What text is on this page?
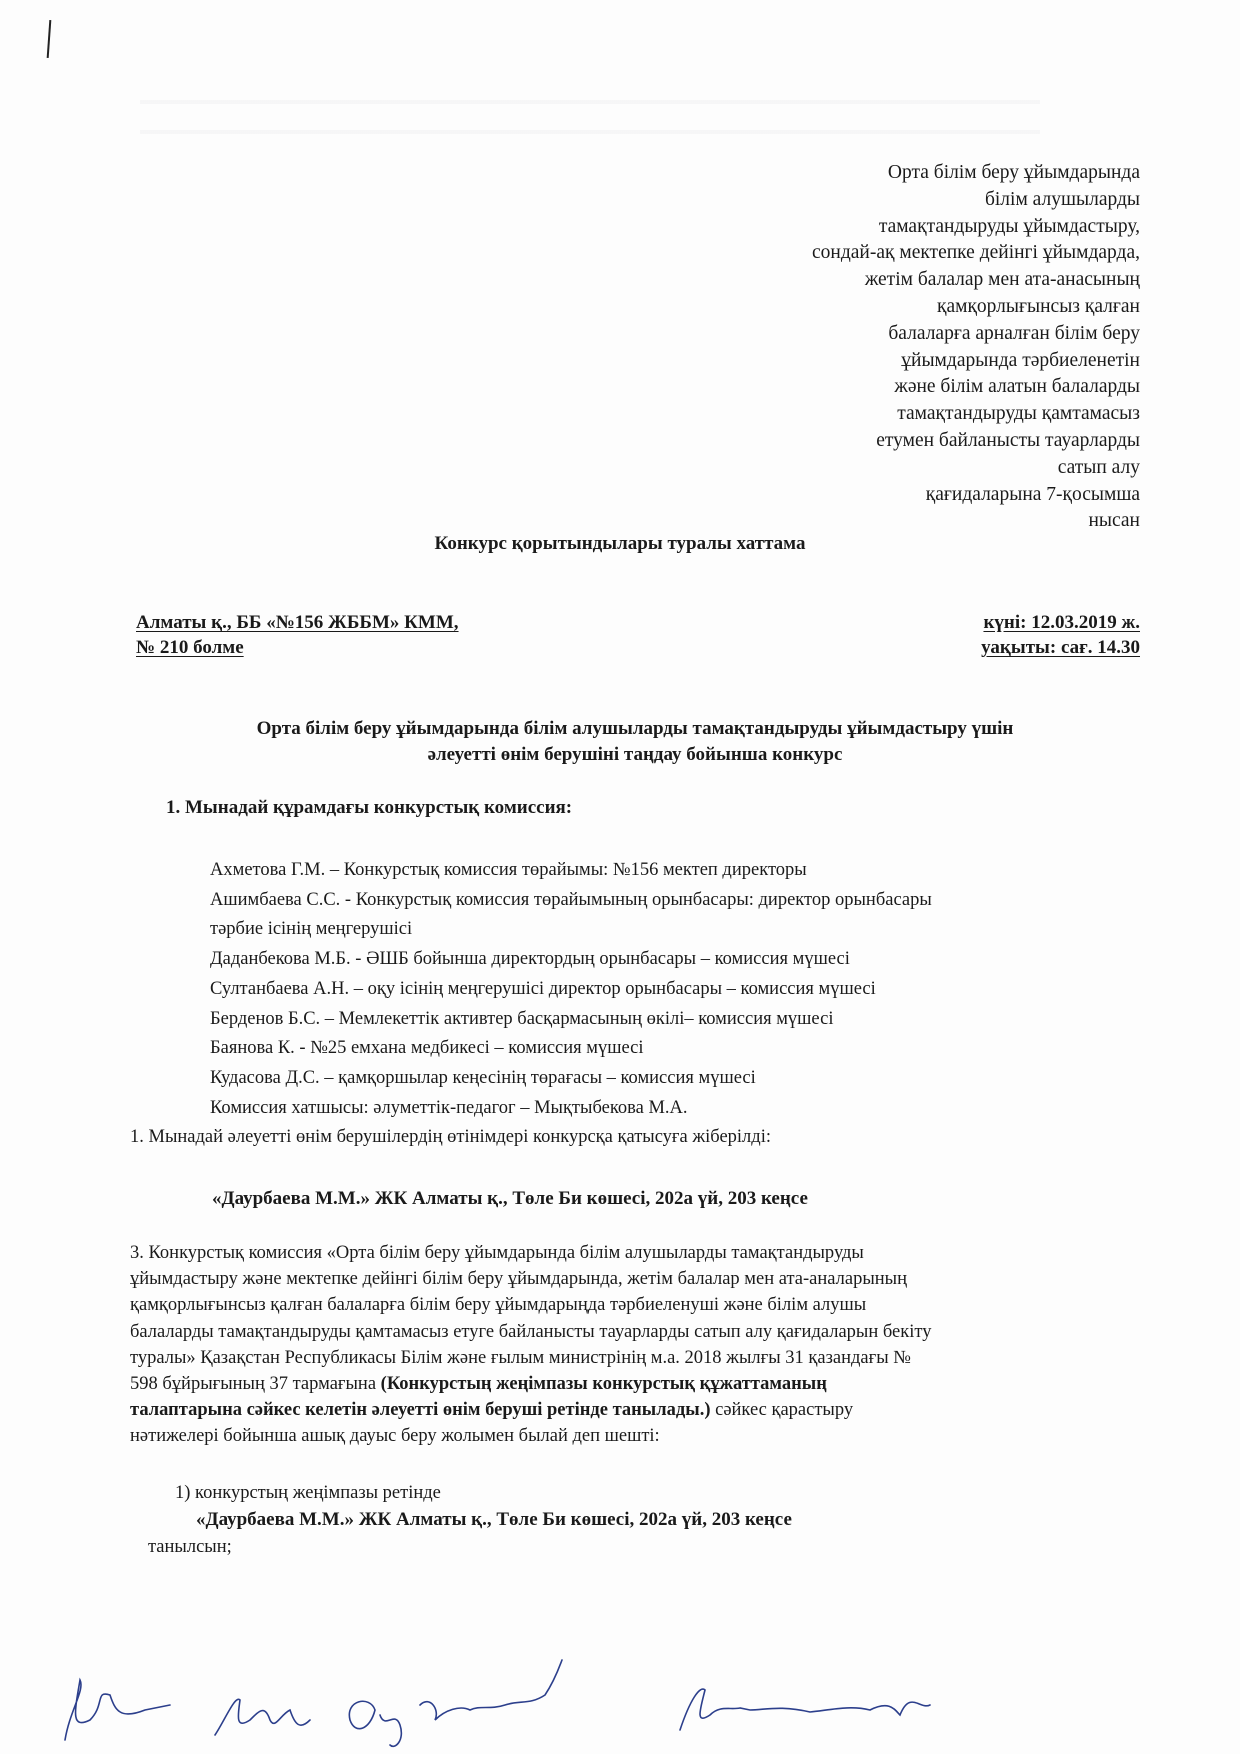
Орта білім беру ұйымдарында
білім алушыларды
тамақтандыруды ұйымдастыру,
сондай-ақ мектепке дейінгі ұйымдарда,
жетім балалар мен ата-анасының
қамқорлығынсыз қалған
балаларға арналған білім беру
ұйымдарында тәрбиеленетін
және білім алатын балаларды
тамақтандыруды қамтамасыз
етумен байланысты тауарларды
сатып алу
қағидаларына 7-қосымша
нысан
Конкурс қорытындылары туралы хаттама
Алматы қ., ББ «№156 ЖББМ» КММ,
№ 210 болме
күні: 12.03.2019 ж.
уақыты: сағ. 14.30
Орта білім беру ұйымдарында білім алушыларды тамақтандыруды ұйымдастыру үшін
әлеуетті өнім берушіні таңдау бойынша конкурс
1. Мынадай құрамдағы конкурстық комиссия:
Ахметова Г.М. – Конкурстық комиссия төрайымы: №156 мектеп директоры
Ашимбаева С.С. - Конкурстық комиссия төрайымының орынбасары: директор орынбасары
тәрбие ісінің меңгерушісі
Даданбекова М.Б. - ӘШБ бойынша директордың орынбасары – комиссия мүшесі
Султанбаева А.Н. – оқу ісінің меңгерушісі директор орынбасары – комиссия мүшесі
Берденов Б.С. – Мемлекеттік активтер басқармасының өкілі– комиссия мүшесі
Баянова К. - №25 емхана медбикесі – комиссия мүшесі
Кудасова Д.С. – қамқоршылар кеңесінің төрағасы – комиссия мүшесі
Комиссия хатшысы: әлуметтік-педагог – Мықтыбекова М.А.
1. Мынадай әлеуетті өнім берушілердің өтінімдері конкурсқа қатысуға жіберілді:
«Даурбаева М.М.» ЖК Алматы қ., Төле Би көшесі, 202а үй, 203 кеңсе
3. Конкурстық комиссия «Орта білім беру ұйымдарында білім алушыларды тамақтандыруды
ұйымдастыру және мектепке дейінгі білім беру ұйымдарында, жетім балалар мен ата-аналарының
қамқорлығынсыз қалған балаларға білім беру ұйымдарыңда тәрбиеленуші және білім алушы
балаларды тамақтандыруды қамтамасыз етуге байланысты тауарларды сатып алу қағидаларын бекіту
туралы» Қазақстан Республикасы Білім және ғылым министрінің м.а. 2018 жылғы 31 қазандағы №
598 бұйрығының 37 тармағына (Конкурстың жеңімпазы конкурстық құжаттаманың
талаптарына сәйкес келетін әлеуетті өнім беруші ретінде танылады.) сәйкес қарастыру
нәтижелері бойынша ашық дауыс беру жолымен былай деп шешті:
1) конкурстың жеңімпазы ретінде
«Даурбаева М.М.» ЖК Алматы қ., Төле Би көшесі, 202а үй, 203 кеңсе
танылсын;
